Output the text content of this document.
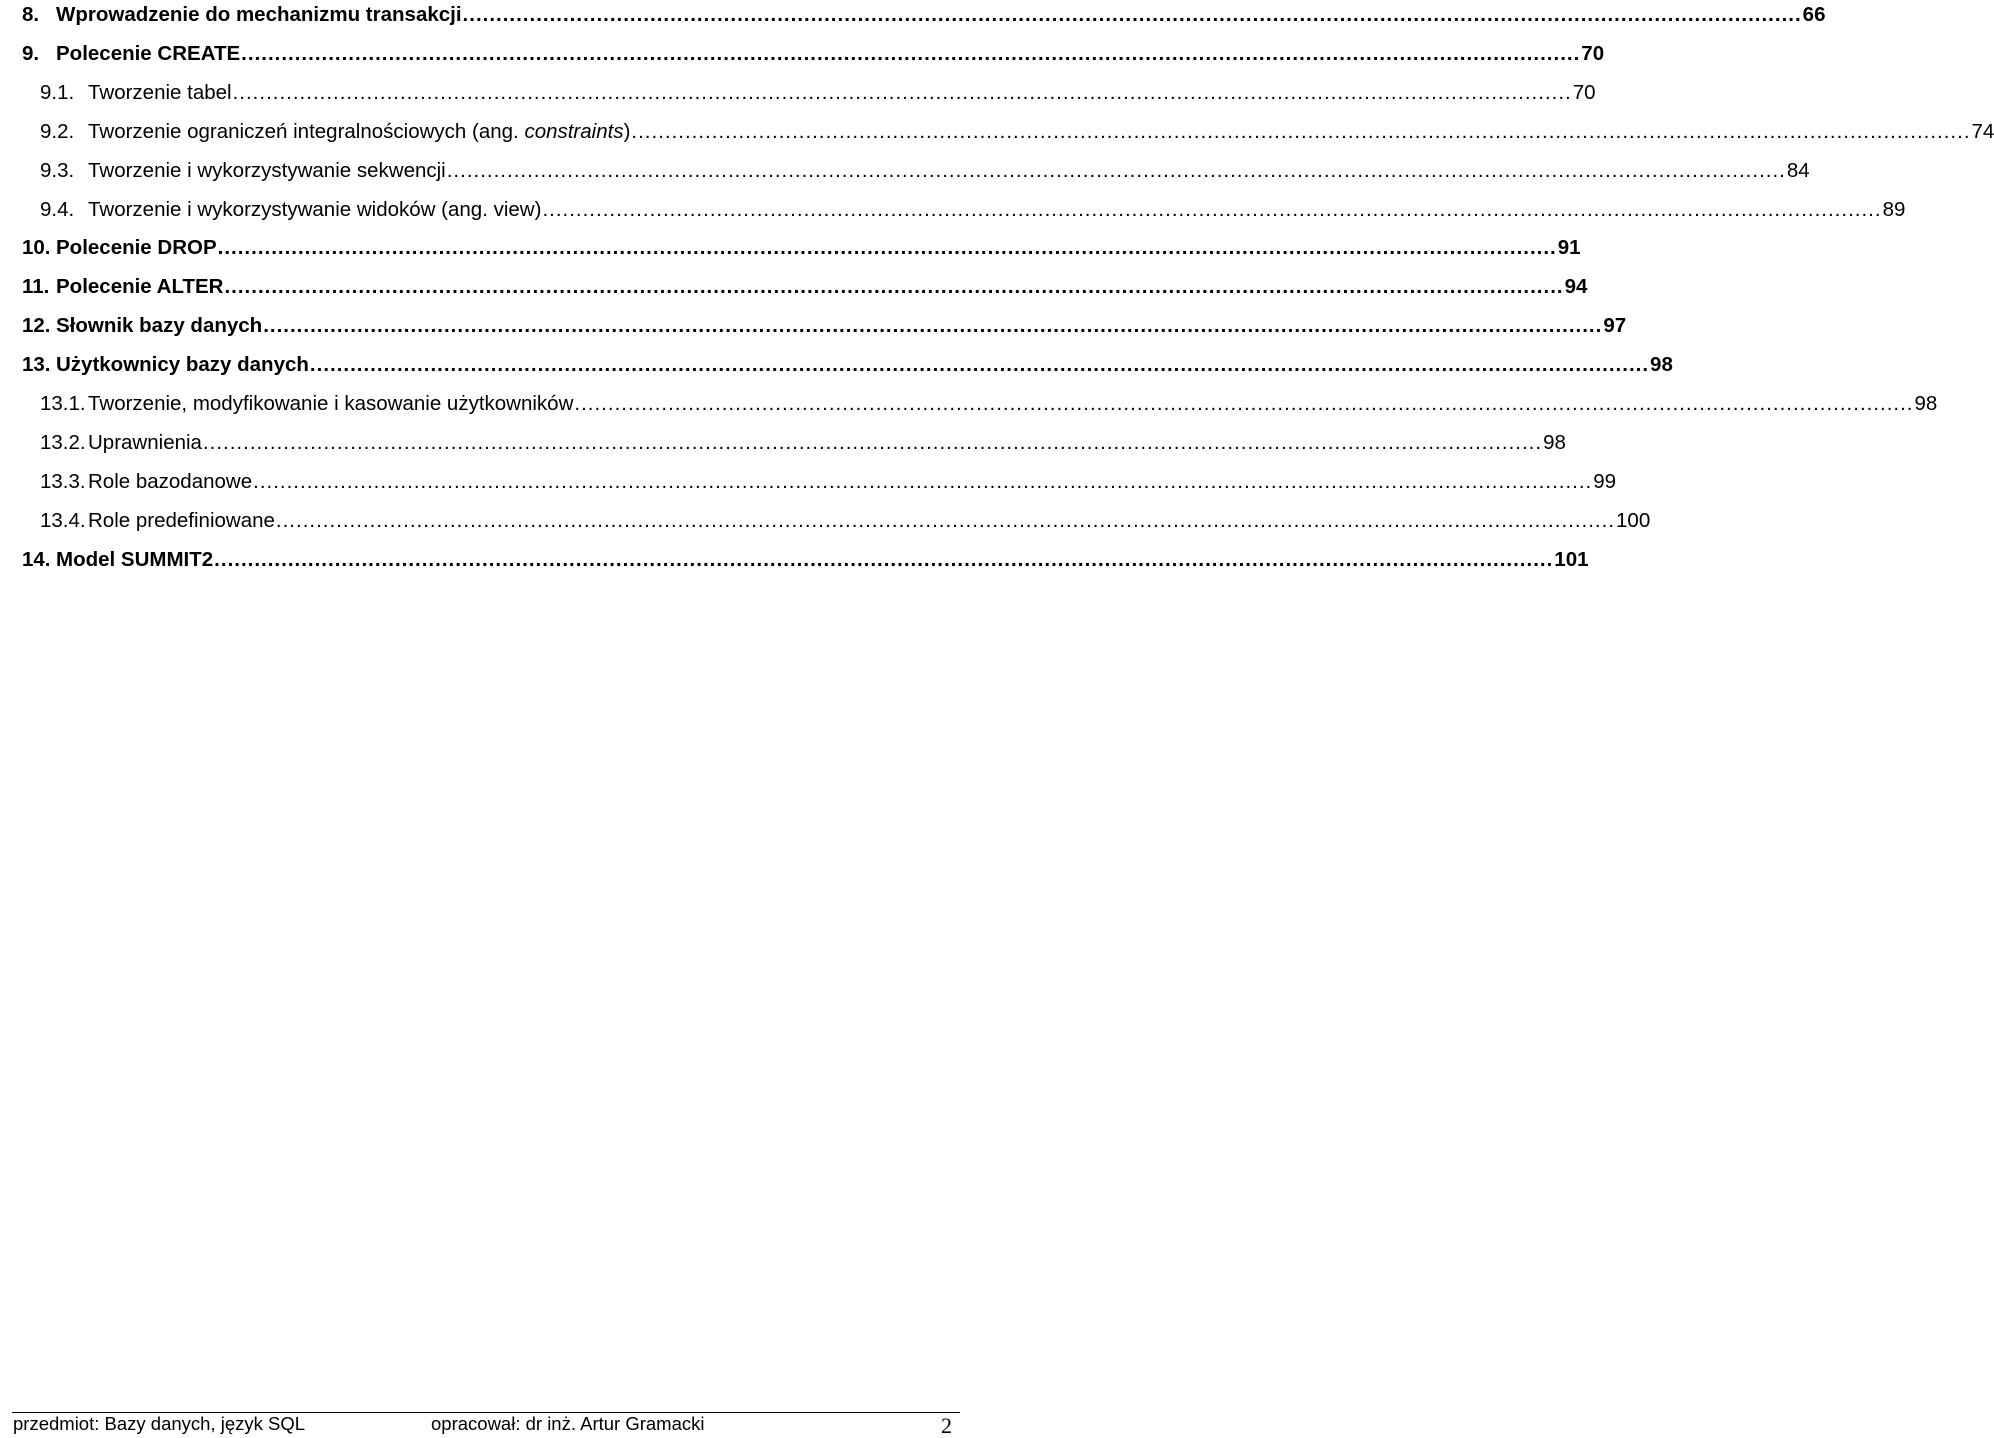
8. Wprowadzenie do mechanizmu transakcji ........................................................................................................................................................................................................ 66
9. Polecenie CREATE ........................................................................................................................................................................................................ 70
9.1. Tworzenie tabel ........................................................................................................................................................................................................ 70
9.2. Tworzenie ograniczeń integralnościowych (ang. constraints) ........................................................................................................................................................................................................ 74
9.3. Tworzenie i wykorzystywanie sekwencji ........................................................................................................................................................................................................ 84
9.4. Tworzenie i wykorzystywanie widoków (ang. view) ........................................................................................................................................................................................................ 89
10. Polecenie DROP ........................................................................................................................................................................................................ 91
11. Polecenie ALTER ........................................................................................................................................................................................................ 94
12. Słownik bazy danych ........................................................................................................................................................................................................ 97
13. Użytkownicy bazy danych ........................................................................................................................................................................................................ 98
13.1. Tworzenie, modyfikowanie i kasowanie użytkowników ........................................................................................................................................................................................................ 98
13.2. Uprawnienia ........................................................................................................................................................................................................ 98
13.3. Role bazodanowe ........................................................................................................................................................................................................ 99
13.4. Role predefiniowane ........................................................................................................................................................................................................ 100
14. Model SUMMIT2 ........................................................................................................................................................................................................ 101
przedmiot: Bazy danych, język SQL	opracował: dr inż. Artur Gramacki	2
